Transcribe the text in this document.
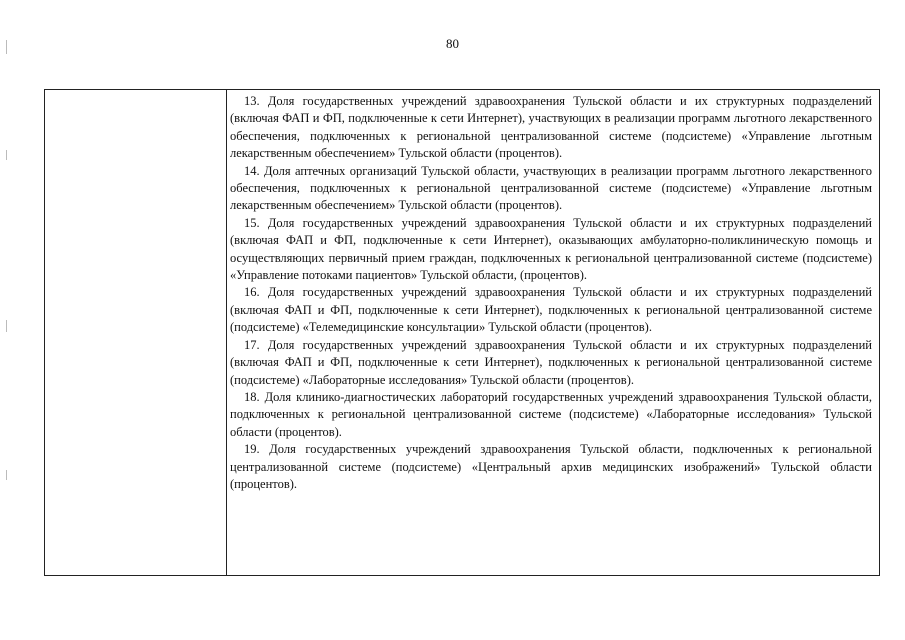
80

13. Доля государственных учреждений здравоохранения Тульской области и их структурных подразделений (включая ФАП и ФП, подключенные к сети Интернет), участвующих в реализации программ льготного лекарственного обеспечения, подключенных к региональной централизованной системе (подсистеме) «Управление льготным лекарственным обеспечением» Тульской области (процентов).

14. Доля аптечных организаций Тульской области, участвующих в реализации программ льготного лекарственного обеспечения, подключенных к региональной централизованной системе (подсистеме) «Управление льготным лекарственным обеспечением» Тульской области (процентов).

15. Доля государственных учреждений здравоохранения Тульской области и их структурных подразделений (включая ФАП и ФП, подключенные к сети Интернет), оказывающих амбулаторно-поликлиническую помощь и осуществляющих первичный прием граждан, подключенных к региональной централизованной системе (подсистеме) «Управление потоками пациентов» Тульской области, (процентов).

16. Доля государственных учреждений здравоохранения Тульской области и их структурных подразделений (включая ФАП и ФП, подключенные к сети Интернет), подключенных к региональной централизованной системе (подсистеме) «Телемедицинские консультации» Тульской области (процентов).

17. Доля государственных учреждений здравоохранения Тульской области и их структурных подразделений (включая ФАП и ФП, подключенные к сети Интернет), подключенных к региональной централизованной системе (подсистеме) «Лабораторные исследования» Тульской области (процентов).

18. Доля клинико-диагностических лабораторий государственных учреждений здравоохранения Тульской области, подключенных к региональной централизованной системе (подсистеме) «Лабораторные исследования» Тульской области (процентов).

19. Доля государственных учреждений здравоохранения Тульской области, подключенных к региональной централизованной системе (подсистеме) «Центральный архив медицинских изображений» Тульской области (процентов).
